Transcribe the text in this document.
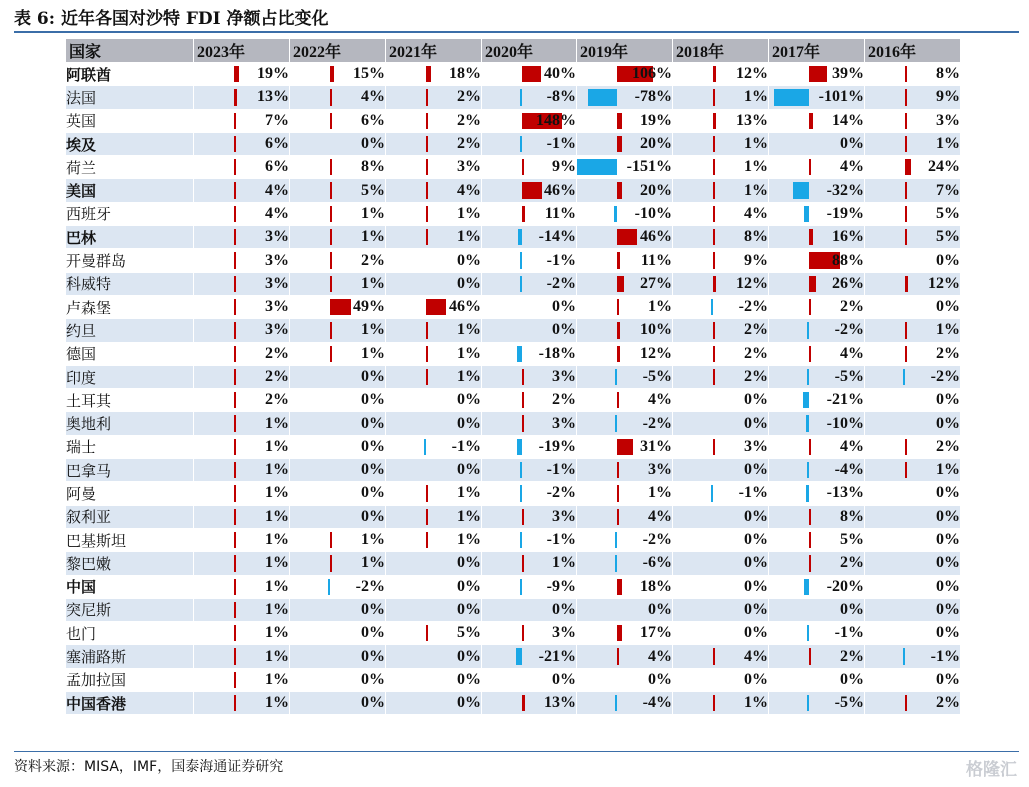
表 6: 近年各国对沙特 FDI 净额占比变化
国家	2023年	2022年	2021年	2020年	2019年	2018年	2017年	2016年
阿联酋	19%	15%	18%	40%	106%	12%	39%	8%
法国	13%	4%	2%	-8%	-78%	1%	-101%	9%
英国	7%	6%	2%	148%	19%	13%	14%	3%
埃及	6%	0%	2%	-1%	20%	1%	0%	1%
荷兰	6%	8%	3%	9%	-151%	1%	4%	24%
美国	4%	5%	4%	46%	20%	1%	-32%	7%
西班牙	4%	1%	1%	11%	-10%	4%	-19%	5%
巴林	3%	1%	1%	-14%	46%	8%	16%	5%
开曼群岛	3%	2%	0%	-1%	11%	9%	88%	0%
科威特	3%	1%	0%	-2%	27%	12%	26%	12%
卢森堡	3%	49%	46%	0%	1%	-2%	2%	0%
约旦	3%	1%	1%	0%	10%	2%	-2%	1%
德国	2%	1%	1%	-18%	12%	2%	4%	2%
印度	2%	0%	1%	3%	-5%	2%	-5%	-2%
土耳其	2%	0%	0%	2%	4%	0%	-21%	0%
奥地利	1%	0%	0%	3%	-2%	0%	-10%	0%
瑞士	1%	0%	-1%	-19%	31%	3%	4%	2%
巴拿马	1%	0%	0%	-1%	3%	0%	-4%	1%
阿曼	1%	0%	1%	-2%	1%	-1%	-13%	0%
叙利亚	1%	0%	1%	3%	4%	0%	8%	0%
巴基斯坦	1%	1%	1%	-1%	-2%	0%	5%	0%
黎巴嫩	1%	1%	0%	1%	-6%	0%	2%	0%
中国	1%	-2%	0%	-9%	18%	0%	-20%	0%
突尼斯	1%	0%	0%	0%	0%	0%	0%	0%
也门	1%	0%	5%	3%	17%	0%	-1%	0%
塞浦路斯	1%	0%	0%	-21%	4%	4%	2%	-1%
孟加拉国	1%	0%	0%	0%	0%	0%	0%	0%
中国香港	1%	0%	0%	13%	-4%	1%	-5%	2%
资料来源：MISA，IMF，国泰海通证券研究	格隆汇
